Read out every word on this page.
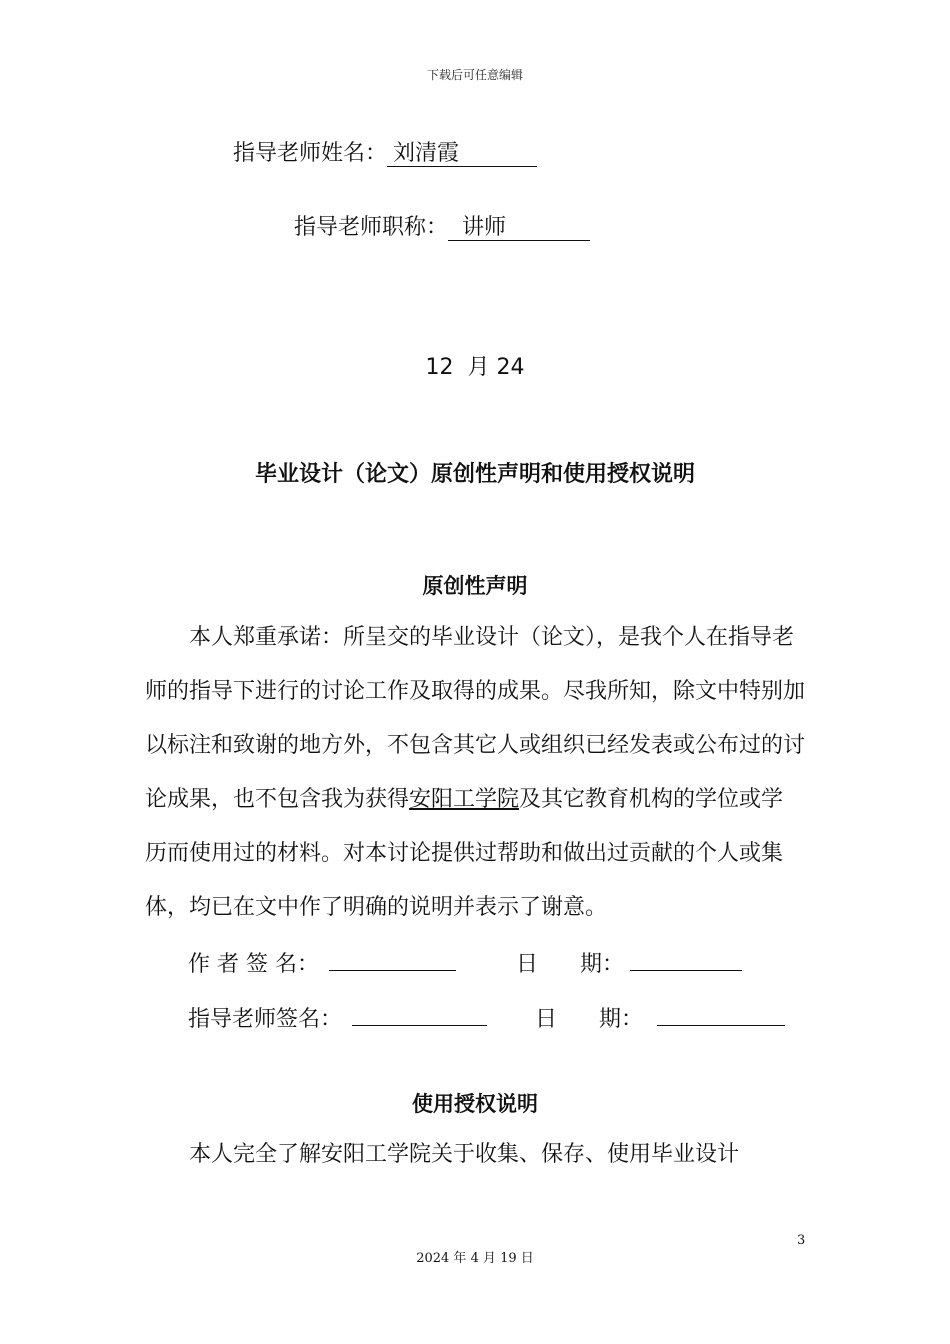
下载后可任意编辑
指导老师姓名： 刘清霞
指导老师职称： 讲师
12  月 24
毕业设计（论文）原创性声明和使用授权说明
原创性声明

本人郑重承诺：所呈交的毕业设计（论文），是我个人在指导老师的指导下进行的讨论工作及取得的成果。尽我所知，除文中特别加以标注和致谢的地方外，不包含其它人或组织已经发表或公布过的讨论成果，也不包含我为获得安阳工学院及其它教育机构的学位或学历而使用过的材料。对本讨论提供过帮助和做出过贡献的个人或集体，均已在文中作了明确的说明并表示了谢意。

作 者 签 名：	日      期：
指导老师签名：	日      期：
使用授权说明

本人完全了解安阳工学院关于收集、保存、使用毕业设计

3
2024 年 4 月 19 日
